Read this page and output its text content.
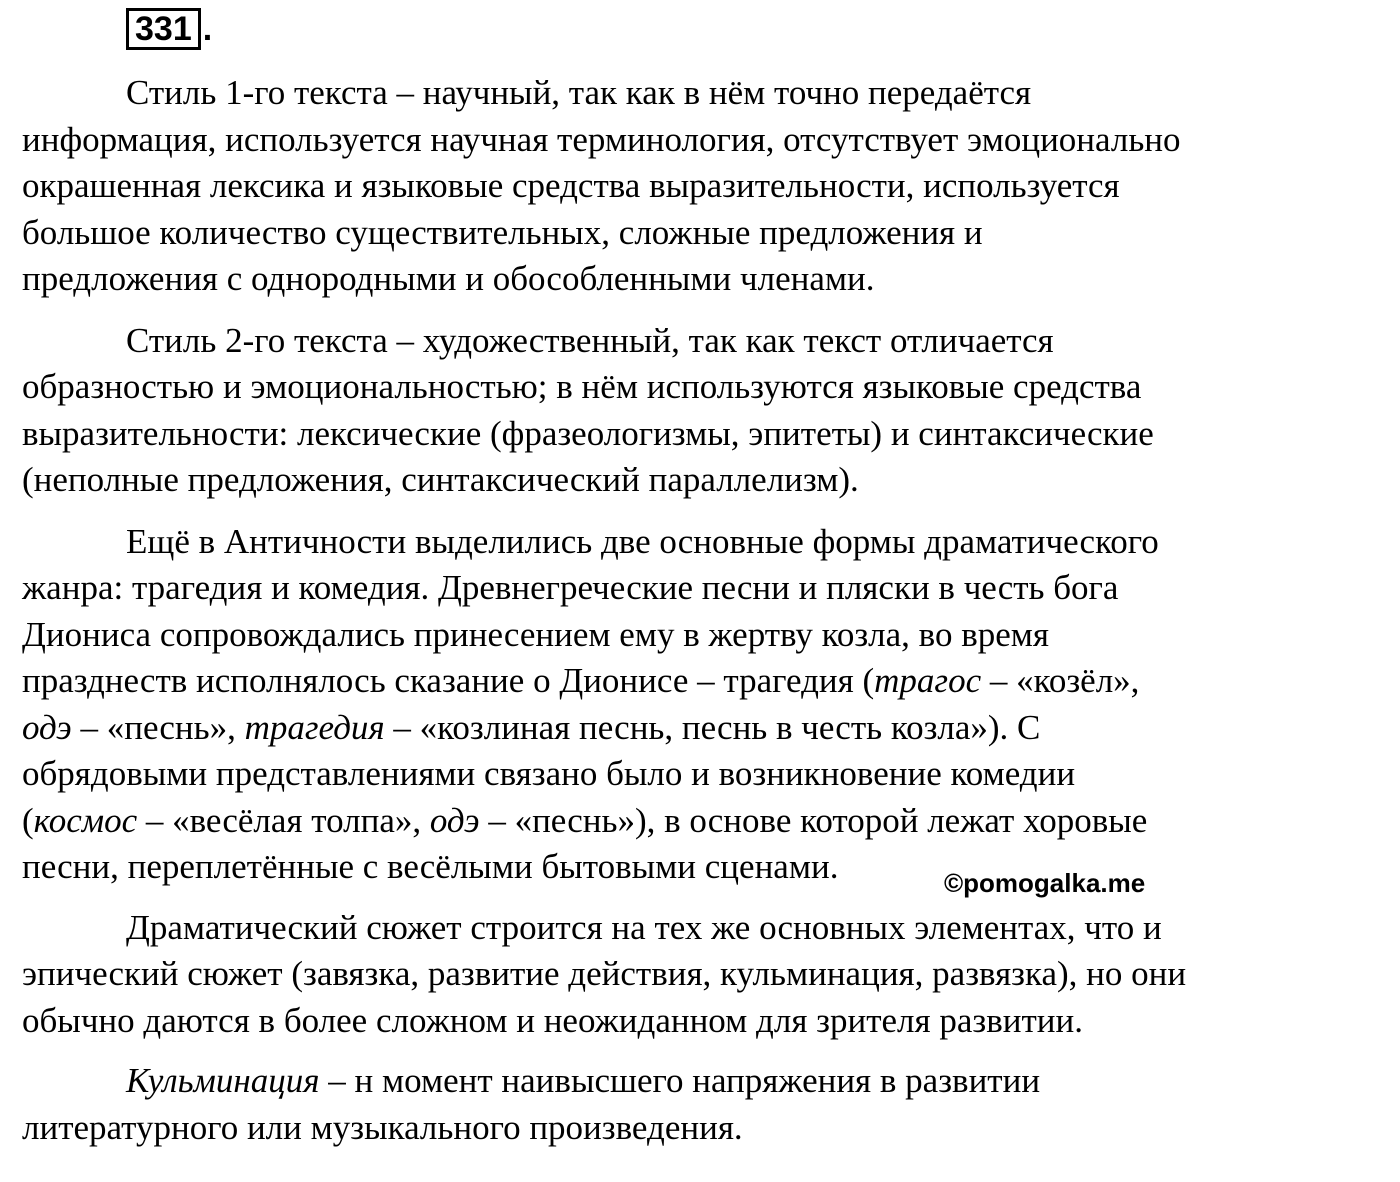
331 .

Стиль 1-го текста – научный, так как в нём точно передаётся
информация, используется научная терминология, отсутствует эмоционально
окрашенная лексика и языковые средства выразительности, используется
большое количество существительных, сложные предложения и
предложения с однородными и обособленными членами.

Стиль 2-го текста – художественный, так как текст отличается
образностью и эмоциональностью; в нём используются языковые средства
выразительности: лексические (фразеологизмы, эпитеты) и синтаксические
(неполные предложения, синтаксический параллелизм).

Ещё в Античности выделились две основные формы драматического
жанра: трагедия и комедия. Древнегреческие песни и пляски в честь бога
Диониса сопровождались принесением ему в жертву козла, во время
празднеств исполнялось сказание о Дионисе – трагедия (трагос – «козёл»,
одэ – «песнь», трагедия – «козлиная песнь, песнь в честь козла»). С
обрядовыми представлениями связано было и возникновение комедии
(космос – «весёлая толпа», одэ – «песнь»), в основе которой лежат хоровые
песни, переплетённые с весёлыми бытовыми сценами.

Драматический сюжет строится на тех же основных элементах, что и
эпический сюжет (завязка, развитие действия, кульминация, развязка), но они
обычно даются в более сложном и неожиданном для зрителя развитии.

Кульминация – н момент наивысшего напряжения в развитии
литературного или музыкального произведения.

©pomogalka.me
